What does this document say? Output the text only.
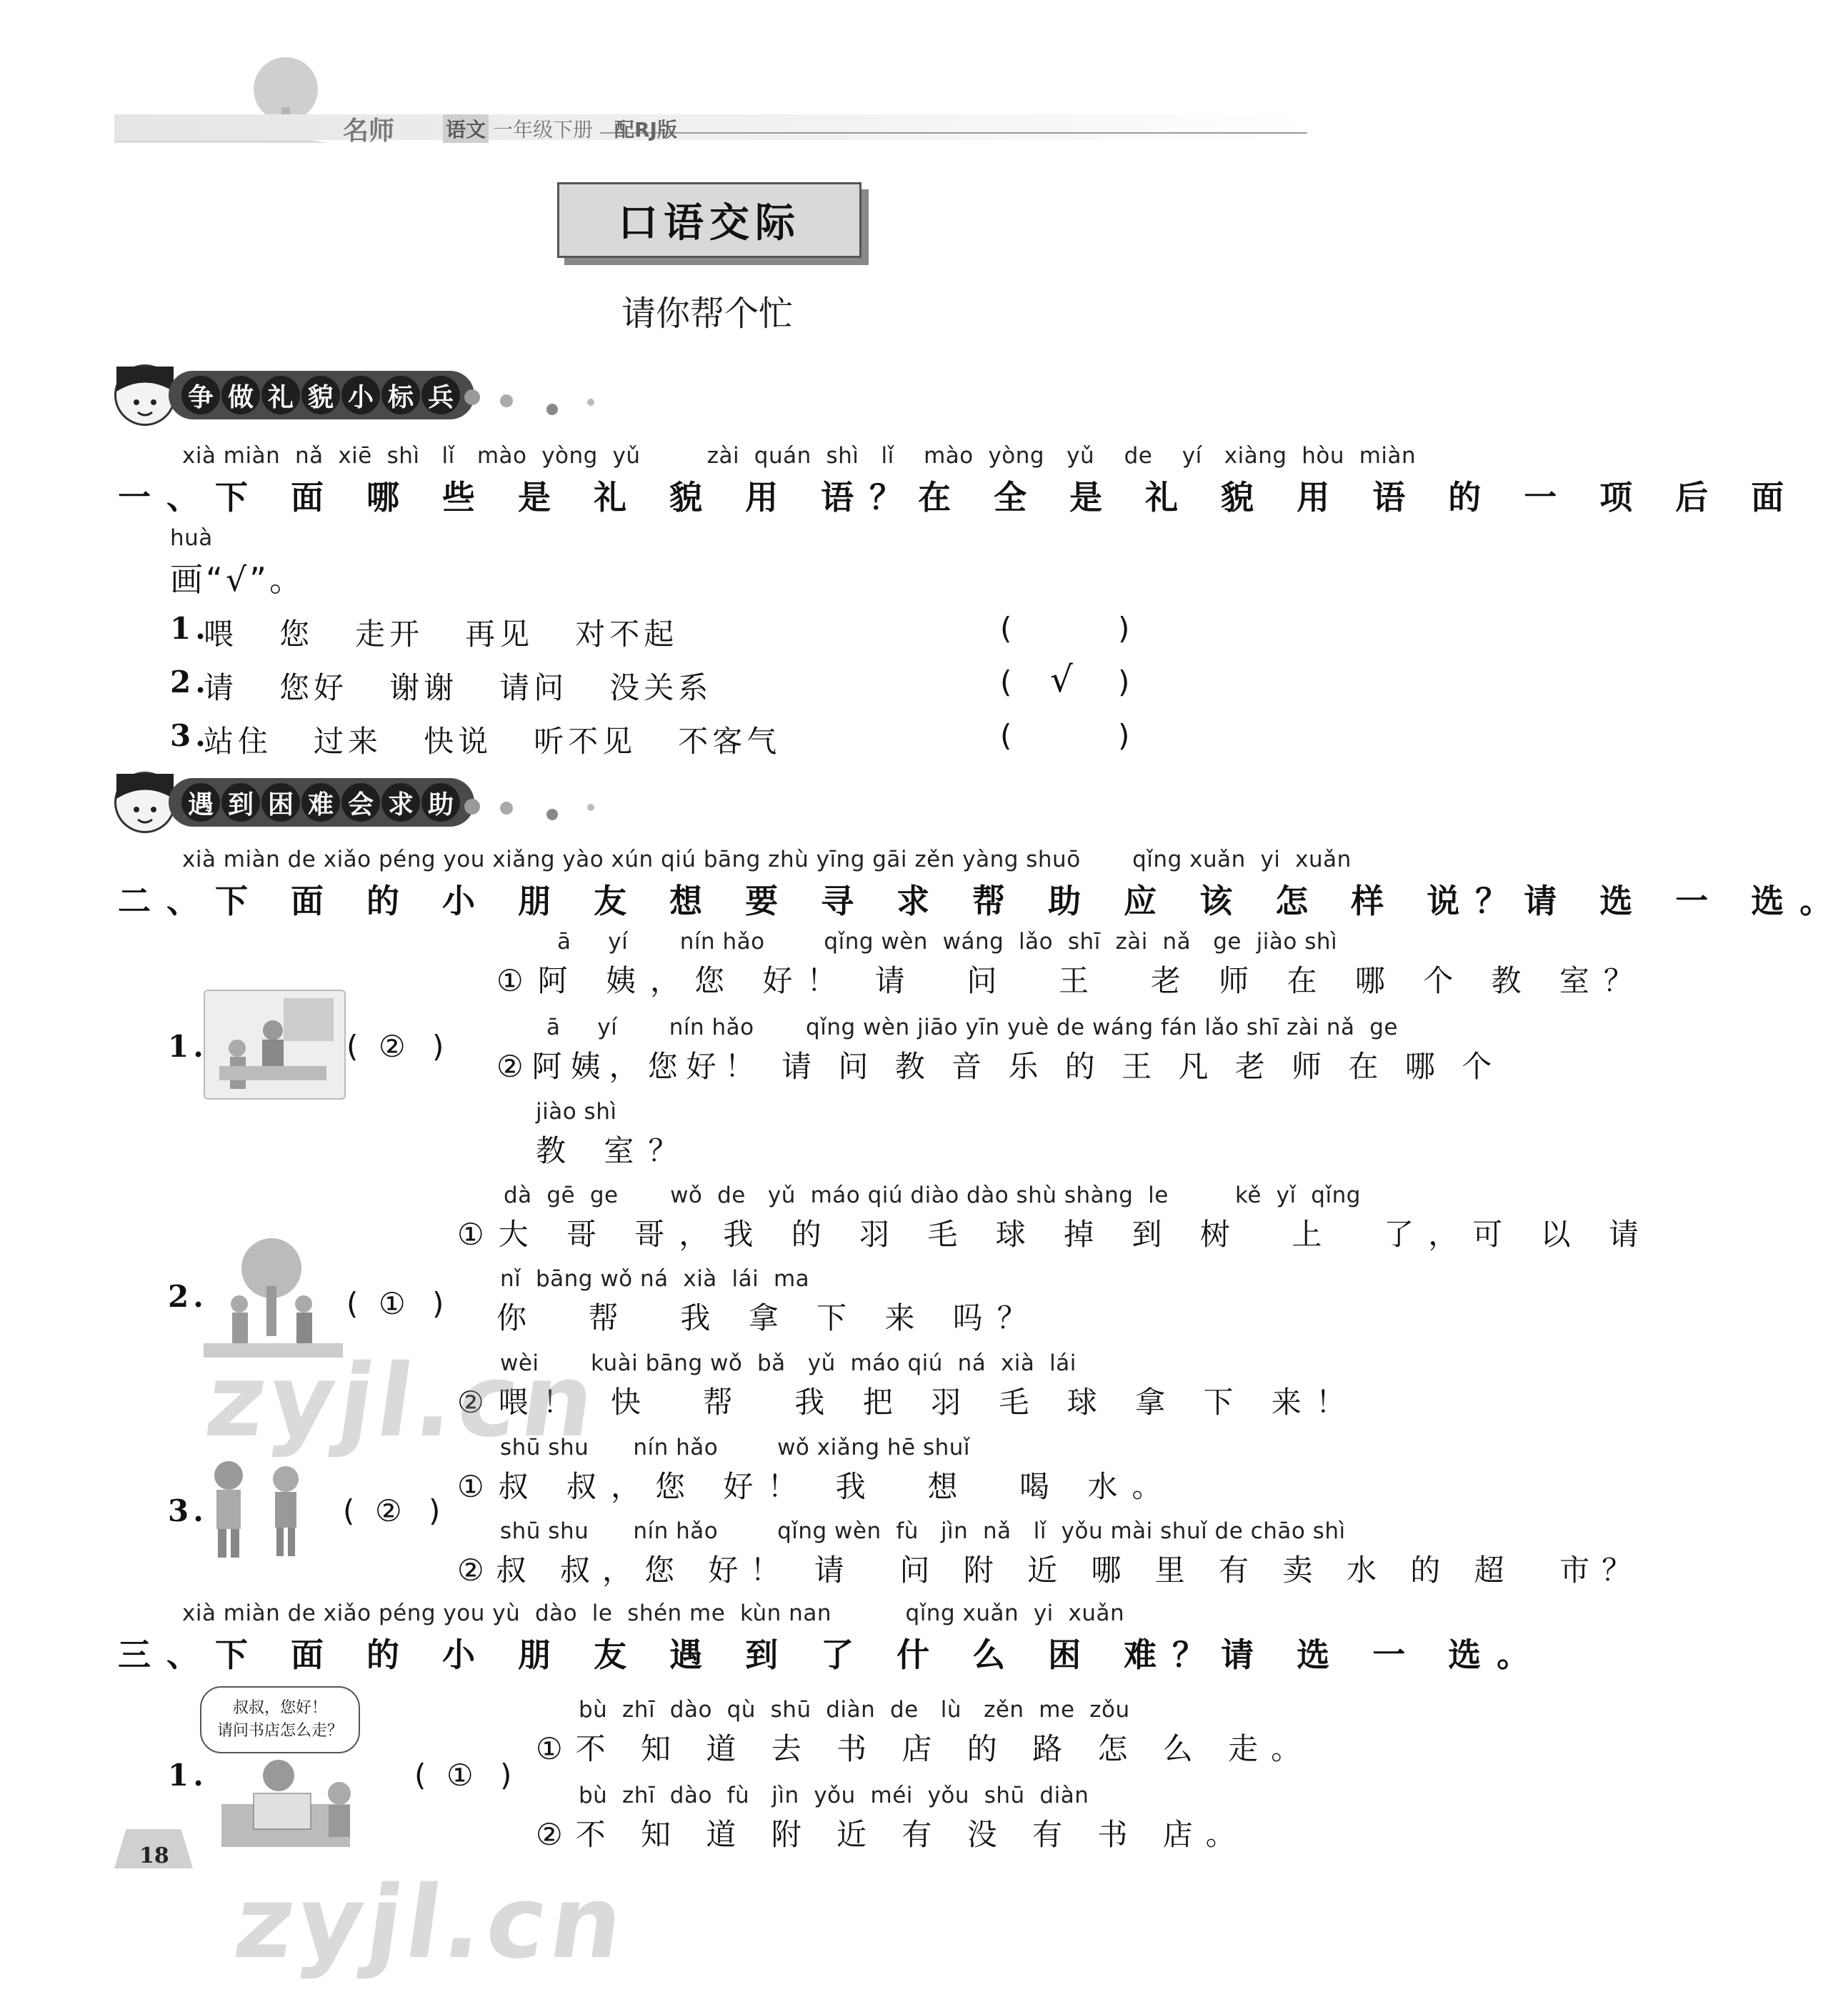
名师	语文 一年级下册 配RJ版
口语交际
请你帮个忙
争 做 礼 貌 小 标 兵
xià miàn  nǎ  xiē  shì   lǐ   mào  yòng  yǔ         zài  quán  shì   lǐ    mào  yòng   yǔ    de    yí   xiàng  hòu  miàn
一、下 面 哪 些 是 礼 貌 用 语？在 全 是 礼 貌 用 语 的 一 项 后 面
huà
画“√”。
1.
喂   您   走开   再见   对不起	(	)
2.
请   您好   谢谢   请问   没关系	( √ )
3.
站住   过来   快说   听不见   不客气	(	)
遇 到 困 难 会 求 助
xià miàn de xiǎo péng you xiǎng yào xún qiú bāng zhù yīng gāi zěn yàng shuō       qǐng xuǎn  yi  xuǎn
二、下 面 的 小 朋 友 想 要 寻 求 帮 助 应 该 怎 样 说？请 选 一 选。
1.	( ② )
ā     yí       nín hǎo        qǐng wèn  wáng  lǎo  shī  zài  nǎ   ge  jiào shì
①阿 姨，您 好！ 请  问  王  老 师 在 哪 个 教 室？
ā     yí       nín hǎo       qǐng wèn jiāo yīn yuè de wáng fán lǎo shī zài nǎ  ge
②阿姨，您好！ 请 问 教 音 乐 的 王 凡 老 师 在 哪 个
jiào shì
教 室？
2.	( ① )
dà  gē  ge       wǒ  de   yǔ  máo qiú diào dào shù shàng  le         kě  yǐ  qǐng
①大 哥 哥，我 的 羽 毛 球 掉 到 树  上  了，可 以 请
nǐ  bāng wǒ ná  xià  lái  ma
你  帮  我 拿 下 来 吗？
wèi       kuài bāng wǒ  bǎ   yǔ  máo qiú  ná  xià  lái
②喂！ 快  帮  我 把 羽 毛 球 拿 下 来！
3.	( ② )
shū shu      nín hǎo        wǒ xiǎng hē shuǐ
①叔 叔，您 好！ 我  想  喝 水。
shū shu      nín hǎo        qǐng wèn  fù   jìn  nǎ   lǐ  yǒu mài shuǐ de chāo shì
②叔 叔，您 好！ 请  问 附 近 哪 里 有 卖 水 的 超  市？
xià miàn de xiǎo péng you yù  dào  le  shén me  kùn nan          qǐng xuǎn  yi  xuǎn
三、下 面 的 小 朋 友 遇 到 了 什 么 困 难？请 选 一 选。
叔叔，您好！
请问书店怎么走？
1.	( ① )
bù  zhī  dào  qù  shū  diàn  de   lù   zěn  me  zǒu
①不 知 道 去 书 店 的 路 怎 么 走。
bù  zhī  dào  fù   jìn  yǒu  méi  yǒu  shū  diàn
②不 知 道 附 近 有 没 有 书 店。
zyjl.cn
zyjl.cn
18
